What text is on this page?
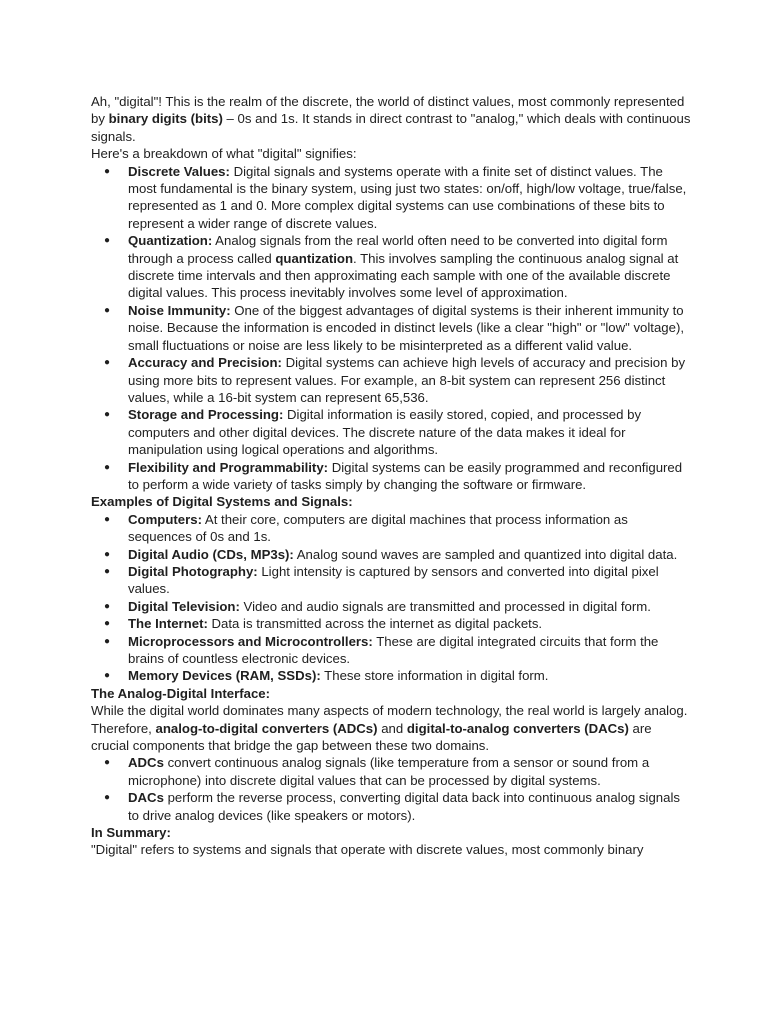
Ah, "digital"! This is the realm of the discrete, the world of distinct values, most commonly represented by binary digits (bits) – 0s and 1s. It stands in direct contrast to "analog," which deals with continuous signals.

Here's a breakdown of what "digital" signifies:

● Discrete Values: Digital signals and systems operate with a finite set of distinct values. The most fundamental is the binary system, using just two states: on/off, high/low voltage, true/false, represented as 1 and 0. More complex digital systems can use combinations of these bits to represent a wider range of discrete values.
● Quantization: Analog signals from the real world often need to be converted into digital form through a process called quantization. This involves sampling the continuous analog signal at discrete time intervals and then approximating each sample with one of the available discrete digital values. This process inevitably involves some level of approximation.
● Noise Immunity: One of the biggest advantages of digital systems is their inherent immunity to noise. Because the information is encoded in distinct levels (like a clear "high" or "low" voltage), small fluctuations or noise are less likely to be misinterpreted as a different valid value.
● Accuracy and Precision: Digital systems can achieve high levels of accuracy and precision by using more bits to represent values. For example, an 8-bit system can represent 256 distinct values, while a 16-bit system can represent 65,536.
● Storage and Processing: Digital information is easily stored, copied, and processed by computers and other digital devices. The discrete nature of the data makes it ideal for manipulation using logical operations and algorithms.
● Flexibility and Programmability: Digital systems can be easily programmed and reconfigured to perform a wide variety of tasks simply by changing the software or firmware.

Examples of Digital Systems and Signals:

● Computers: At their core, computers are digital machines that process information as sequences of 0s and 1s.
● Digital Audio (CDs, MP3s): Analog sound waves are sampled and quantized into digital data.
● Digital Photography: Light intensity is captured by sensors and converted into digital pixel values.
● Digital Television: Video and audio signals are transmitted and processed in digital form.
● The Internet: Data is transmitted across the internet as digital packets.
● Microprocessors and Microcontrollers: These are digital integrated circuits that form the brains of countless electronic devices.
● Memory Devices (RAM, SSDs): These store information in digital form.

The Analog-Digital Interface:

While the digital world dominates many aspects of modern technology, the real world is largely analog. Therefore, analog-to-digital converters (ADCs) and digital-to-analog converters (DACs) are crucial components that bridge the gap between these two domains.

● ADCs convert continuous analog signals (like temperature from a sensor or sound from a microphone) into discrete digital values that can be processed by digital systems.
● DACs perform the reverse process, converting digital data back into continuous analog signals to drive analog devices (like speakers or motors).

In Summary:

"Digital" refers to systems and signals that operate with discrete values, most commonly binary
